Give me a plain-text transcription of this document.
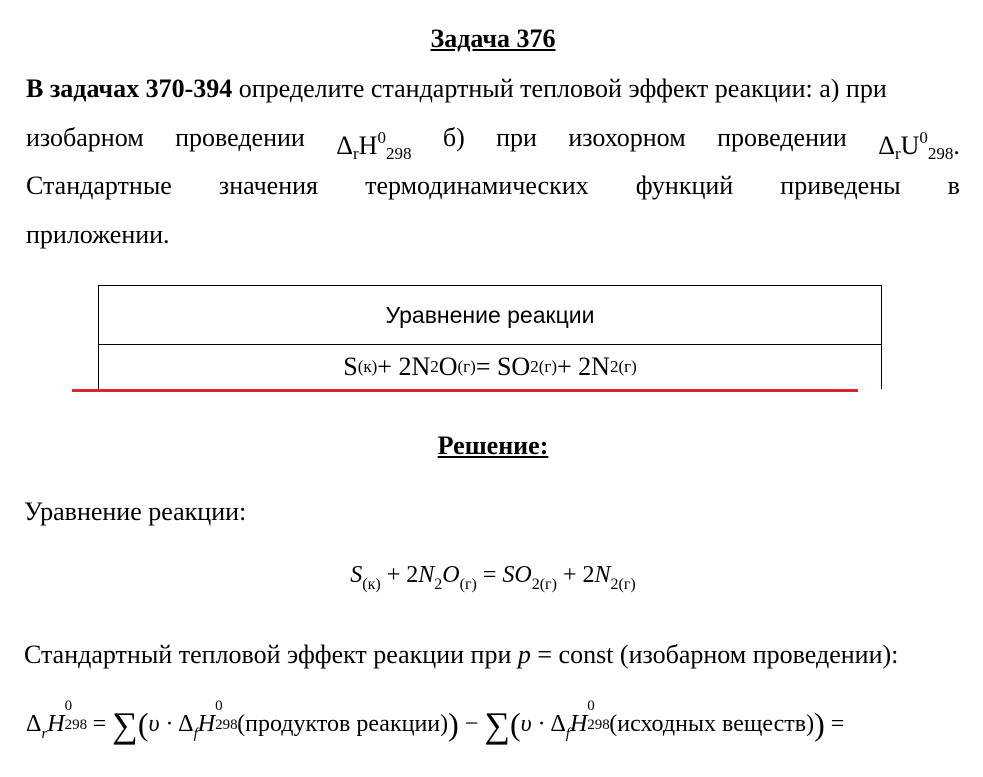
Задача 376
В задачах 370-394 определите стандартный тепловой эффект реакции: а) при
изобарном проведении $\Delta_rH^0_{298}$
б) при изохорном проведении $\Delta_rU^0_{298}$.
Стандартные значения термодинамических функций приведены в
приложении.
Уравнение реакции
S (к) + 2N 2 O (г) = SO 2(г) + 2N 2(г)
Решение:
Уравнение реакции:
$S_{(к)} + 2N_2O_{(г)} = SO_{2(г)} + 2N_{2(г)}$
Стандартный тепловой эффект реакции при p = const (изобарном проведении):
$\Delta_rH$
0
$298 = \sum(\upsilon \cdot \Delta_fH$
0
298 (продуктов реакции)) − $\sum(\upsilon \cdot \Delta_fH$
0
298 (исходных веществ)) =
